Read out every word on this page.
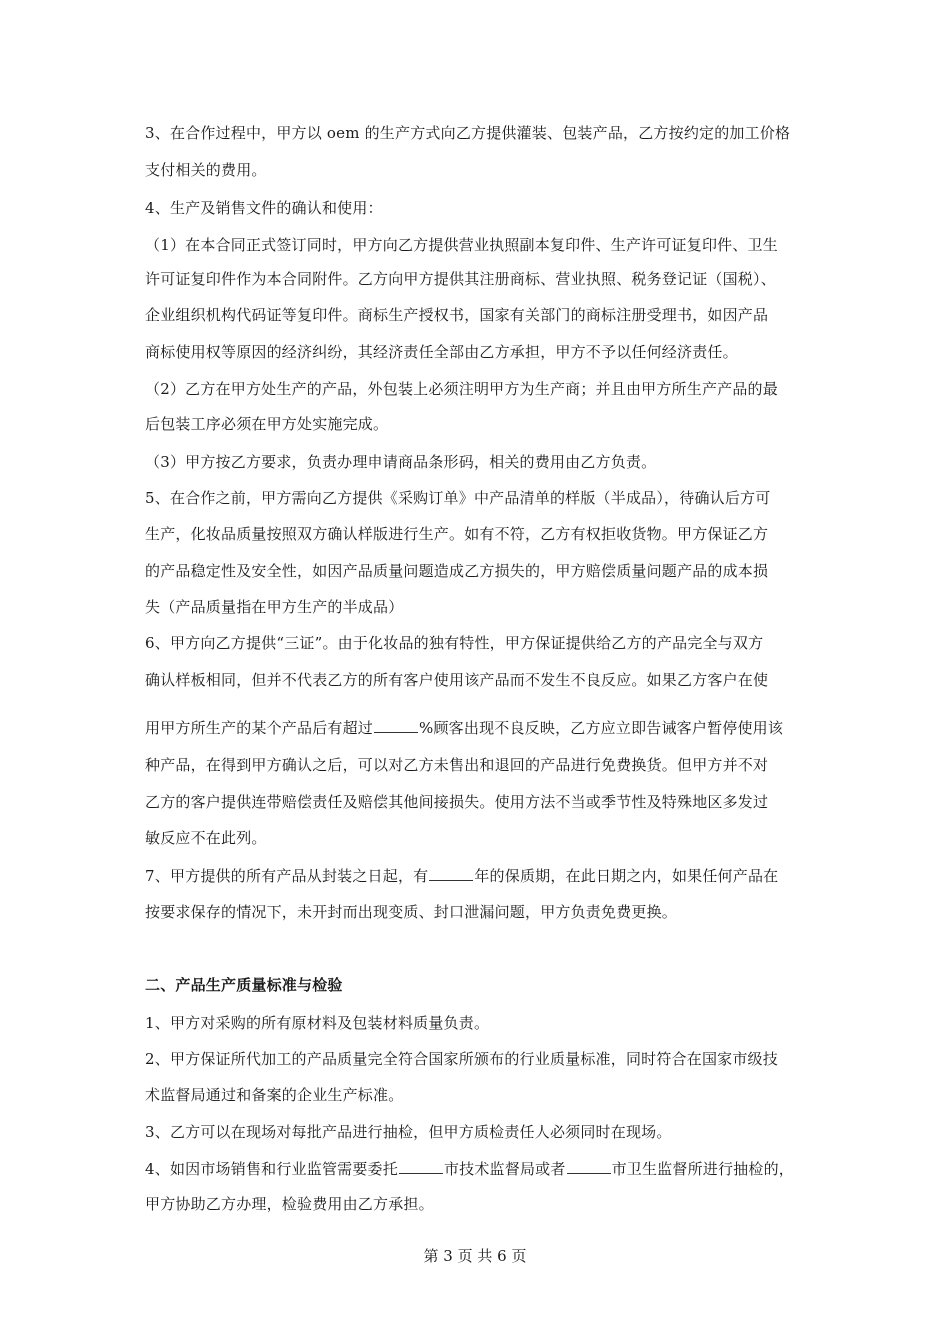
3、在合作过程中，甲方以 oem 的生产方式向乙方提供灌装、包装产品，乙方按约定的加工价格
支付相关的费用。
4、生产及销售文件的确认和使用：
（1）在本合同正式签订同时，甲方向乙方提供营业执照副本复印件、生产许可证复印件、卫生
许可证复印件作为本合同附件。乙方向甲方提供其注册商标、营业执照、税务登记证（国税）、
企业组织机构代码证等复印件。商标生产授权书，国家有关部门的商标注册受理书，如因产品
商标使用权等原因的经济纠纷，其经济责任全部由乙方承担，甲方不予以任何经济责任。
（2）乙方在甲方处生产的产品，外包装上必须注明甲方为生产商；并且由甲方所生产产品的最
后包装工序必须在甲方处实施完成。
（3）甲方按乙方要求，负责办理申请商品条形码，相关的费用由乙方负责。
5、在合作之前，甲方需向乙方提供《采购订单》中产品清单的样版（半成品），待确认后方可
生产，化妆品质量按照双方确认样版进行生产。如有不符，乙方有权拒收货物。甲方保证乙方
的产品稳定性及安全性，如因产品质量问题造成乙方损失的，甲方赔偿质量问题产品的成本损
失（产品质量指在甲方生产的半成品）
6、甲方向乙方提供“三证”。由于化妆品的独有特性，甲方保证提供给乙方的产品完全与双方
确认样板相同，但并不代表乙方的所有客户使用该产品而不发生不良反应。如果乙方客户在使
用甲方所生产的某个产品后有超过	%顾客出现不良反映，乙方应立即告诫客户暂停使用该
种产品，在得到甲方确认之后，可以对乙方未售出和退回的产品进行免费换货。但甲方并不对
乙方的客户提供连带赔偿责任及赔偿其他间接损失。使用方法不当或季节性及特殊地区多发过
敏反应不在此列。
7、甲方提供的所有产品从封装之日起，有	年的保质期，在此日期之内，如果任何产品在
按要求保存的情况下，未开封而出现变质、封口泄漏问题，甲方负责免费更换。
二、产品生产质量标准与检验
1、甲方对采购的所有原材料及包装材料质量负责。
2、甲方保证所代加工的产品质量完全符合国家所颁布的行业质量标准，同时符合在国家市级技
术监督局通过和备案的企业生产标准。
3、乙方可以在现场对每批产品进行抽检，但甲方质检责任人必须同时在现场。
4、如因市场销售和行业监管需要委托	市技术监督局或者	市卫生监督所进行抽检的，
甲方协助乙方办理，检验费用由乙方承担。
第 3 页 共 6 页
